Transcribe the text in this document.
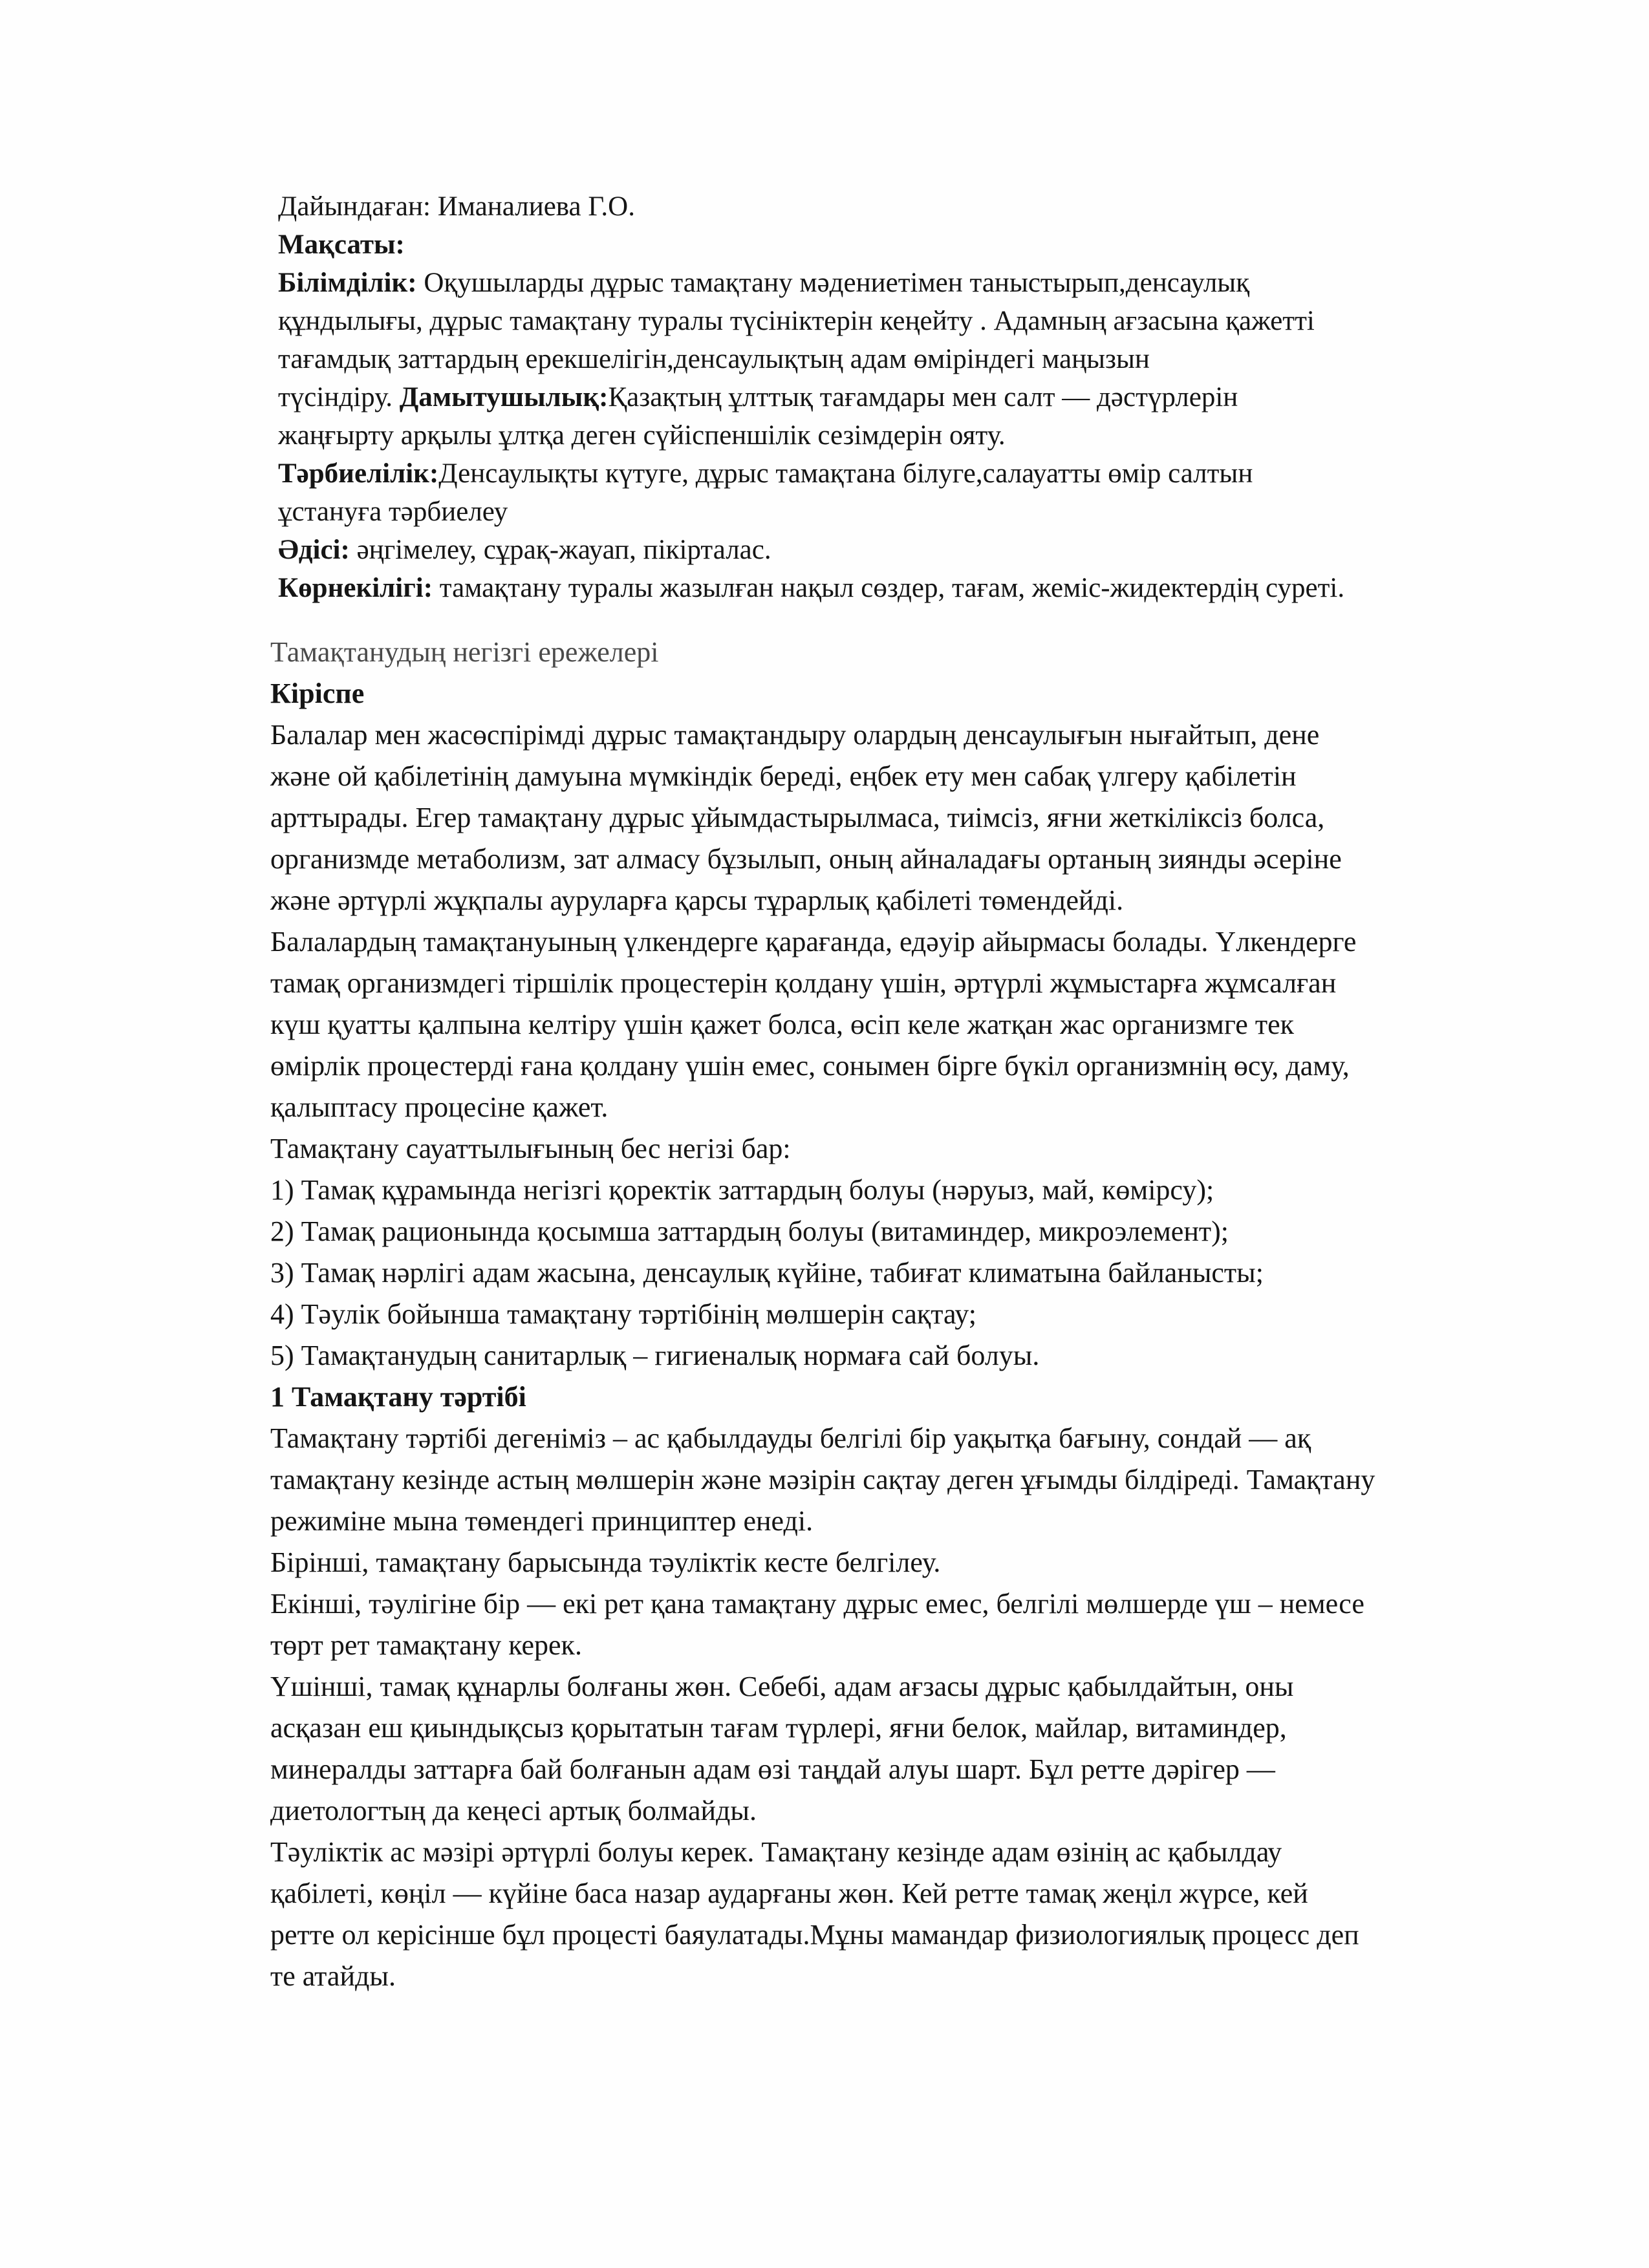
Дайындаған: Иманалиева Г.О.
Мақсаты:
Білімділік: Оқушыларды дұрыс тамақтану мәдениетімен таныстырып,денсаулық
құндылығы, дұрыс тамақтану туралы түсініктерін кеңейту . Адамның ағзасына қажетті
тағамдық заттардың ерекшелігін,денсаулықтың адам өміріндегі маңызын
түсіндіру. Дамытушылық:Қазақтың ұлттық тағамдары мен салт — дәстүрлерін
жаңғырту арқылы ұлтқа деген сүйіспеншілік сезімдерін ояту.
Тәрбиелілік:Денсаулықты күтуге, дұрыс тамақтана білуге,салауатты өмір салтын
ұстануға тәрбиелеу
Әдісі: әңгімелеу, сұрақ-жауап, пікірталас.
Көрнекілігі: тамақтану туралы жазылған нақыл сөздер, тағам, жеміс-жидектердің суреті.
Тамақтанудың негізгі ережелері
Кіріспе
Балалар мен жасөспірімді дұрыс тамақтандыру олардың денсаулығын нығайтып, дене
және ой қабілетінің дамуына мүмкіндік береді, еңбек ету мен сабақ үлгеру қабілетін
арттырады. Егер тамақтану дұрыс ұйымдастырылмаса, тиімсіз, яғни жеткіліксіз болса,
организмде метаболизм, зат алмасу бұзылып, оның айналадағы ортаның зиянды әсеріне
және әртүрлі жұқпалы ауруларға қарсы тұрарлық қабілеті төмендейді.
Балалардың тамақтануының үлкендерге қарағанда, едәуір айырмасы болады. Үлкендерге
тамақ организмдегі тіршілік процестерін қолдану үшін, әртүрлі жұмыстарға жұмсалған
күш қуатты қалпына келтіру үшін қажет болса, өсіп келе жатқан жас организмге тек
өмірлік процестерді ғана қолдану үшін емес, сонымен бірге бүкіл организмнің өсу, даму,
қалыптасу процесіне қажет.
Тамақтану сауаттылығының бес негізі бар:
1) Тамақ құрамында негізгі қоректік заттардың болуы (нәруыз, май, көмірсу);
2) Тамақ рационында қосымша заттардың болуы (витаминдер, микроэлемент);
3) Тамақ нәрлігі адам жасына, денсаулық күйіне, табиғат климатына байланысты;
4) Тәулік бойынша тамақтану тәртібінің мөлшерін сақтау;
5) Тамақтанудың санитарлық – гигиеналық нормаға сай болуы.
1 Тамақтану тәртібі
Тамақтану тәртібі дегеніміз – ас қабылдауды белгілі бір уақытқа бағыну, сондай — ақ
тамақтану кезінде астың мөлшерін және мәзірін сақтау деген ұғымды білдіреді. Тамақтану
режиміне мына төмендегі принциптер енеді.
Бірінші, тамақтану барысында тәуліктік кесте белгілеу.
Екінші, тәулігіне бір — екі рет қана тамақтану дұрыс емес, белгілі мөлшерде үш – немесе
төрт рет тамақтану керек.
Үшінші, тамақ құнарлы болғаны жөн. Себебі, адам ағзасы дұрыс қабылдайтын, оны
асқазан еш қиындықсыз қорытатын тағам түрлері, яғни белок, майлар, витаминдер,
минералды заттарға бай болғанын адам өзі таңдай алуы шарт. Бұл ретте дәрігер —
диетологтың да кеңесі артық болмайды.
Тәуліктік ас мәзірі әртүрлі болуы керек. Тамақтану кезінде адам өзінің ас қабылдау
қабілеті, көңіл — күйіне баса назар аударғаны жөн. Кей ретте тамақ жеңіл жүрсе, кей
ретте ол керісінше бұл процесті баяулатады.Мұны мамандар физиологиялық процесс деп
те атайды.
